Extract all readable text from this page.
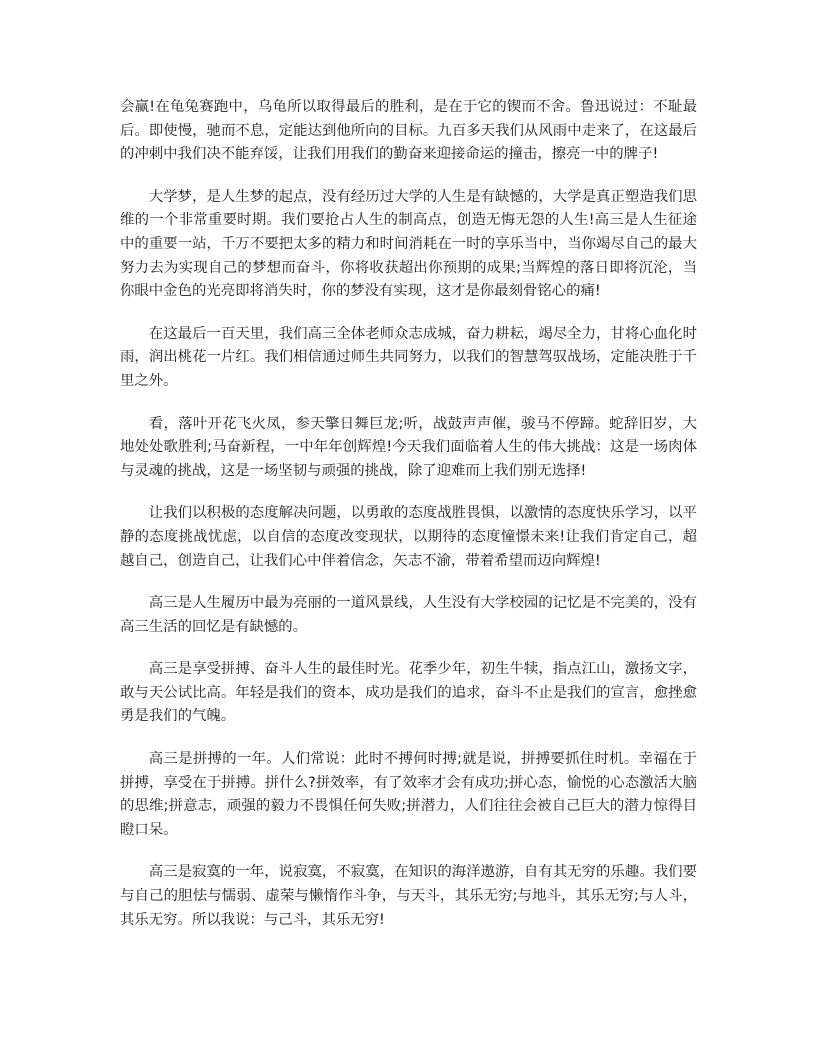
会赢!在龟兔赛跑中，乌龟所以取得最后的胜利，是在于它的锲而不舍。鲁迅说过：不耻最后。即使慢，驰而不息，定能达到他所向的目标。九百多天我们从风雨中走来了，在这最后的冲刺中我们决不能弃馁，让我们用我们的勤奋来迎接命运的撞击，擦亮一中的牌子!

大学梦，是人生梦的起点，没有经历过大学的人生是有缺憾的，大学是真正塑造我们思维的一个非常重要时期。我们要抢占人生的制高点，创造无悔无怨的人生!高三是人生征途中的重要一站，千万不要把太多的精力和时间消耗在一时的享乐当中，当你竭尽自己的最大努力去为实现自己的梦想而奋斗，你将收获超出你预期的成果;当辉煌的落日即将沉沦，当你眼中金色的光亮即将消失时，你的梦没有实现，这才是你最刻骨铭心的痛!

在这最后一百天里，我们高三全体老师众志成城，奋力耕耘，竭尽全力，甘将心血化时雨，润出桃花一片红。我们相信通过师生共同努力，以我们的智慧驾驭战场，定能决胜于千里之外。

看，落叶开花飞火凤，参天擎日舞巨龙;听，战鼓声声催，骏马不停蹄。蛇辞旧岁，大地处处歌胜利;马奋新程，一中年年创辉煌!今天我们面临着人生的伟大挑战：这是一场肉体与灵魂的挑战，这是一场坚韧与顽强的挑战，除了迎难而上我们别无选择!

让我们以积极的态度解决问题，以勇敢的态度战胜畏惧，以激情的态度快乐学习，以平静的态度挑战忧虑，以自信的态度改变现状，以期待的态度憧憬未来!让我们肯定自己，超越自己，创造自己，让我们心中伴着信念，矢志不渝，带着希望而迈向辉煌!

高三是人生履历中最为亮丽的一道风景线，人生没有大学校园的记忆是不完美的，没有高三生活的回忆是有缺憾的。

高三是享受拼搏、奋斗人生的最佳时光。花季少年，初生牛犊，指点江山，激扬文字，敢与天公试比高。年轻是我们的资本，成功是我们的追求，奋斗不止是我们的宣言，愈挫愈勇是我们的气魄。

高三是拼搏的一年。人们常说：此时不搏何时搏;就是说，拼搏要抓住时机。幸福在于拼搏，享受在于拼搏。拼什么?拼效率，有了效率才会有成功;拼心态，愉悦的心态激活大脑的思维;拼意志，顽强的毅力不畏惧任何失败;拼潜力，人们往往会被自己巨大的潜力惊得目瞪口呆。

高三是寂寞的一年，说寂寞，不寂寞，在知识的海洋遨游，自有其无穷的乐趣。我们要与自己的胆怯与懦弱、虚荣与懒惰作斗争，与天斗，其乐无穷;与地斗，其乐无穷;与人斗，其乐无穷。所以我说：与己斗，其乐无穷!
